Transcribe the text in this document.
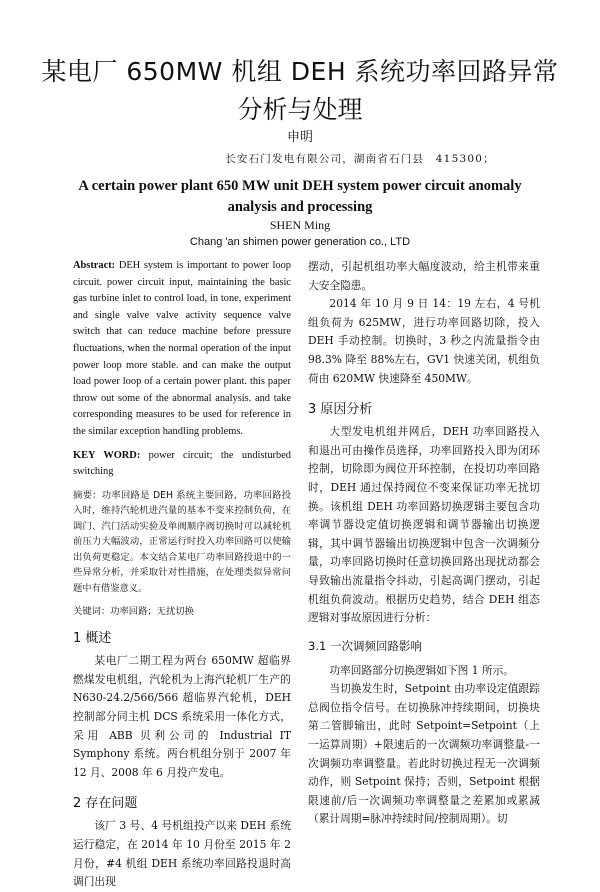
某电厂 650MW 机组 DEH 系统功率回路异常
分析与处理
申明
长安石门发电有限公司，湖南省石门县　415300；
A certain power plant 650 MW unit DEH system power circuit anomaly analysis and processing
SHEN Ming
Chang 'an shimen power generation co., LTD

Abstract: DEH system is important to power loop circuit. power circuit input, maintaining the basic gas turbine inlet to control load, in tone, experiment and single valve valve activity sequence valve switch that can reduce machine before pressure fluctuations, when the normal operation of the input power loop more stable. and can make the output load power loop of a certain power plant. this paper throw out some of the abnormal analysis. and take corresponding measures to be used for reference in the similar exception handling problems.

KEY WORD: power circuit; the undisturbed switching

摘要：功率回路是 DEH 系统主要回路，功率回路投入时，维持汽轮机进汽量的基本不变来控制负荷，在调门、汽门活动实验及单阀顺序阀切换时可以减轮机前压力大幅波动，正常运行时投入功率回路可以使输出负荷更稳定。本文结合某电厂功率回路投退中的一些异常分析，并采取针对性措施，在处理类似异常问题中有借鉴意义。

关键词：功率回路；无扰切换

1 概述

某电厂二期工程为两台 650MW 超临界燃煤发电机组，汽轮机为上海汽轮机厂生产的 N630-24.2/566/566 超临界汽轮机，DEH 控制部分同主机 DCS 系统采用一体化方式，采用 ABB 贝利公司的 Industrial IT Symphony 系统。两台机组分别于 2007 年 12 月、2008 年 6 月投产发电。

2 存在问题

该厂 3 号、4 号机组投产以来 DEH 系统运行稳定，在 2014 年 10 月份至 2015 年 2 月份，#4 机组 DEH 系统功率回路投退时高调门出现

摆动，引起机组功率大幅度波动，给主机带来重大安全隐患。

2014 年 10 月 9 日 14：19 左右，4 号机组负荷为 625MW，进行功率回路切除，投入 DEH 手动控制。切换时，3 秒之内流量指令由 98.3% 降至 88%左右，GV1 快速关闭，机组负荷由 620MW 快速降至 450MW。

3 原因分析

大型发电机组并网后，DEH 功率回路投入和退出可由操作员选择，功率回路投入即为闭环控制，切除即为阀位开环控制，在投切功率回路时，DEH 通过保持阀位不变来保证功率无扰切换。该机组 DEH 功率回路切换逻辑主要包含功率调节器设定值切换逻辑和调节器输出切换逻辑，其中调节器输出切换逻辑中包含一次调频分量，功率回路切换时任意切换回路出现扰动都会导致输出流量指令抖动，引起高调门摆动，引起机组负荷波动。根据历史趋势，结合 DEH 组态逻辑对事故原因进行分析：

3.1 一次调频回路影响

功率回路部分切换逻辑如下图 1 所示。

当切换发生时，Setpoint 由功率设定值跟踪总阀位指令信号。在切换脉冲持续期间，切换块第二管脚输出，此时 Setpoint=Setpoint（上一运算周期）+限速后的一次调频功率调整量-一次调频功率调整量。若此时切换过程无一次调频动作，则 Setpoint 保持；否则，Setpoint 根据限速前/后一次调频功率调整量之差累加或累减（累计周期=脉冲持续时间/控制周期）。切
